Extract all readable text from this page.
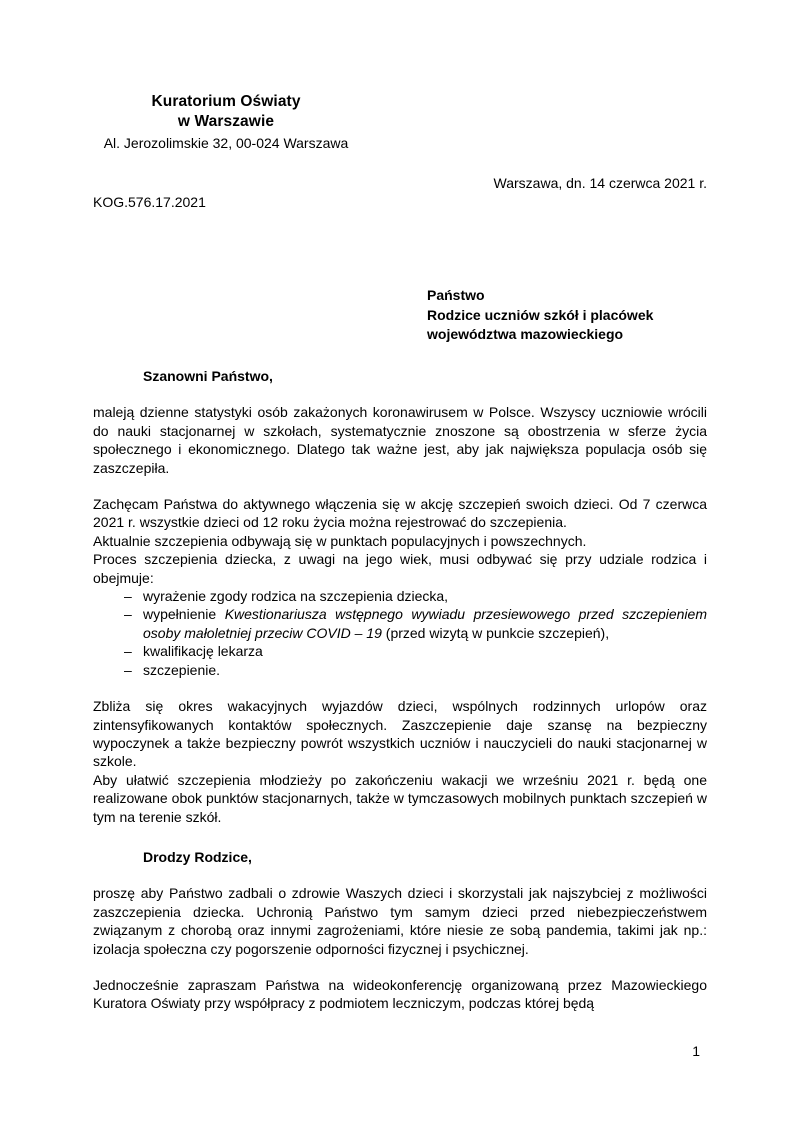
Kuratorium Oświaty
w Warszawie
Al. Jerozolimskie 32, 00-024 Warszawa
Warszawa, dn. 14 czerwca 2021 r.
KOG.576.17.2021
Państwo
Rodzice uczniów szkół i placówek
województwa mazowieckiego
Szanowni Państwo,

maleją dzienne statystyki osób zakażonych koronawirusem w Polsce. Wszyscy uczniowie wrócili do nauki stacjonarnej w szkołach, systematycznie znoszone są obostrzenia w sferze życia społecznego i ekonomicznego. Dlatego tak ważne jest, aby jak największa populacja osób się zaszczepiła.

Zachęcam Państwa do aktywnego włączenia się w akcję szczepień swoich dzieci. Od 7 czerwca 2021 r. wszystkie dzieci od 12 roku życia można rejestrować do szczepienia.

Aktualnie szczepienia odbywają się w punktach populacyjnych i powszechnych.

Proces szczepienia dziecka, z uwagi na jego wiek, musi odbywać się przy udziale rodzica i obejmuje:

– wyrażenie zgody rodzica na szczepienia dziecka,
– wypełnienie Kwestionariusza wstępnego wywiadu przesiewowego przed szczepieniem osoby małoletniej przeciw COVID – 19 (przed wizytą w punkcie szczepień),
– kwalifikację lekarza
– szczepienie.

Zbliża się okres wakacyjnych wyjazdów dzieci, wspólnych rodzinnych urlopów oraz zintensyfikowanych kontaktów społecznych. Zaszczepienie daje szansę na bezpieczny wypoczynek a także bezpieczny powrót wszystkich uczniów i nauczycieli do nauki stacjonarnej w szkole.

Aby ułatwić szczepienia młodzieży po zakończeniu wakacji we wrześniu 2021 r. będą one realizowane obok punktów stacjonarnych, także w tymczasowych mobilnych punktach szczepień w tym na terenie szkół.

Drodzy Rodzice,

proszę aby Państwo zadbali o zdrowie Waszych dzieci i skorzystali jak najszybciej z możliwości zaszczepienia dziecka. Uchronią Państwo tym samym dzieci przed niebezpieczeństwem związanym z chorobą oraz innymi zagrożeniami, które niesie ze sobą pandemia, takimi jak np.: izolacja społeczna czy pogorszenie odporności fizycznej i psychicznej.

Jednocześnie zapraszam Państwa na wideokonferencję organizowaną przez Mazowieckiego Kuratora Oświaty przy współpracy z podmiotem leczniczym, podczas której będą

1
